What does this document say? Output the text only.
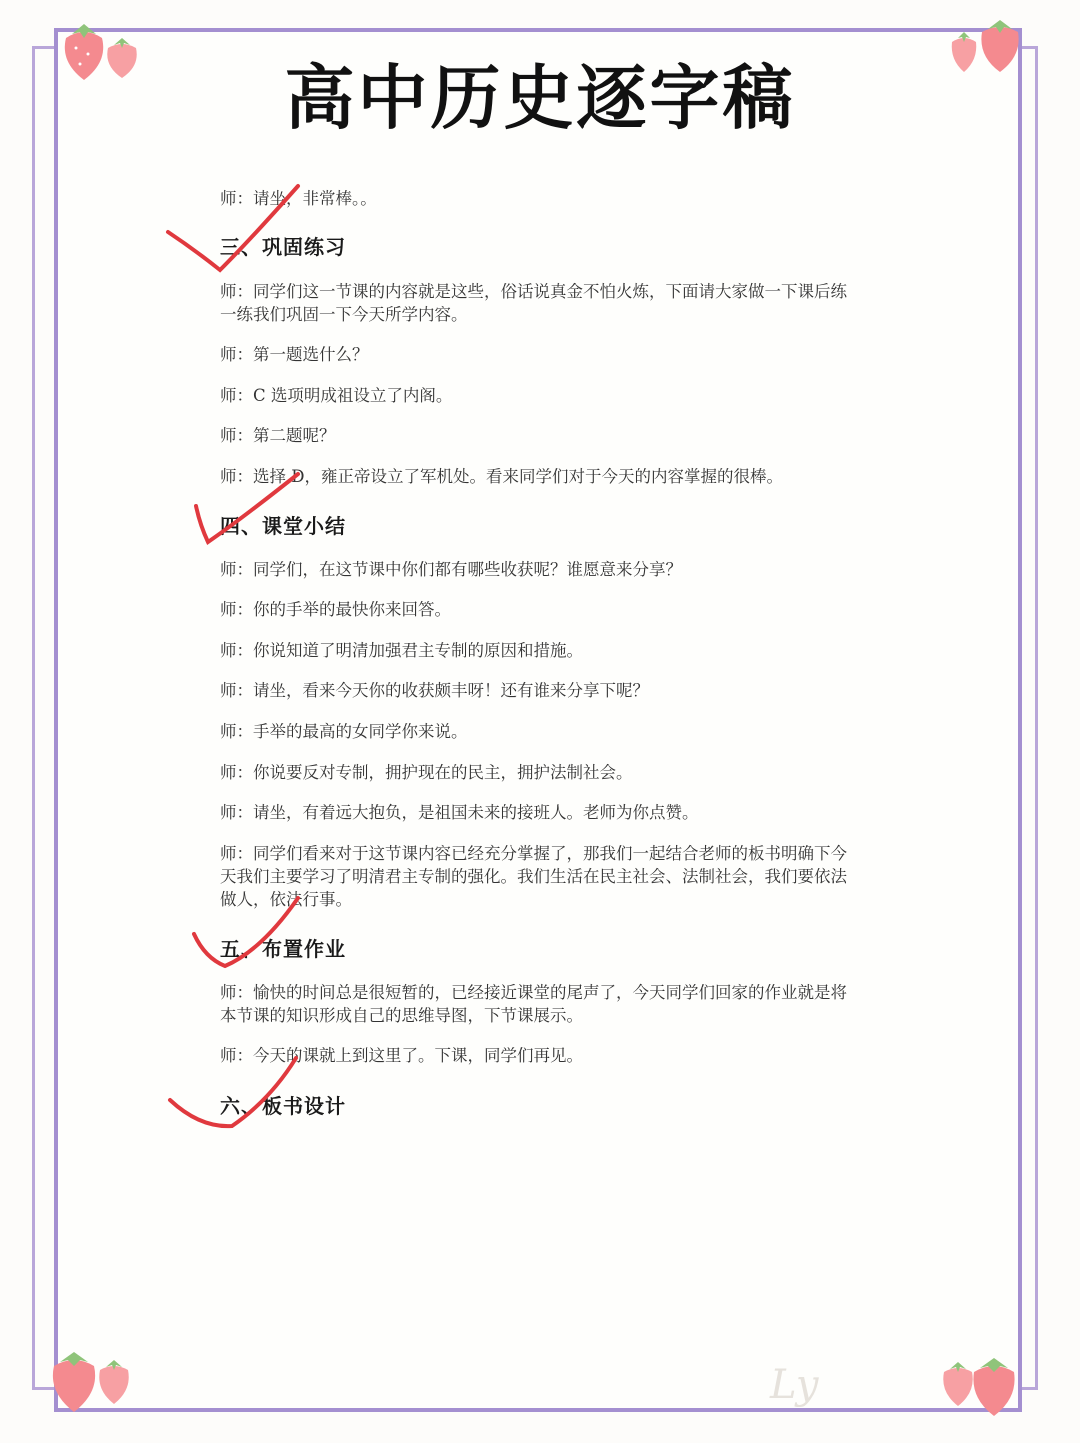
高中历史逐字稿

师：请坐，非常棒。。

三、巩固练习

师：同学们这一节课的内容就是这些，俗话说真金不怕火炼，下面请大家做一下课后练一练我们巩固一下今天所学内容。

师：第一题选什么？

师：C 选项明成祖设立了内阁。

师：第二题呢？

师：选择 D，雍正帝设立了军机处。看来同学们对于今天的内容掌握的很棒。

四、课堂小结

师：同学们，在这节课中你们都有哪些收获呢？谁愿意来分享？

师：你的手举的最快你来回答。

师：你说知道了明清加强君主专制的原因和措施。

师：请坐，看来今天你的收获颇丰呀！还有谁来分享下呢？

师：手举的最高的女同学你来说。

师：你说要反对专制，拥护现在的民主，拥护法制社会。

师：请坐，有着远大抱负，是祖国未来的接班人。老师为你点赞。

师：同学们看来对于这节课内容已经充分掌握了，那我们一起结合老师的板书明确下今天我们主要学习了明清君主专制的强化。我们生活在民主社会、法制社会，我们要依法做人，依法行事。

五、布置作业

师：愉快的时间总是很短暂的，已经接近课堂的尾声了，今天同学们回家的作业就是将本节课的知识形成自己的思维导图，下节课展示。

师：今天的课就上到这里了。下课，同学们再见。

六、板书设计
Ly
